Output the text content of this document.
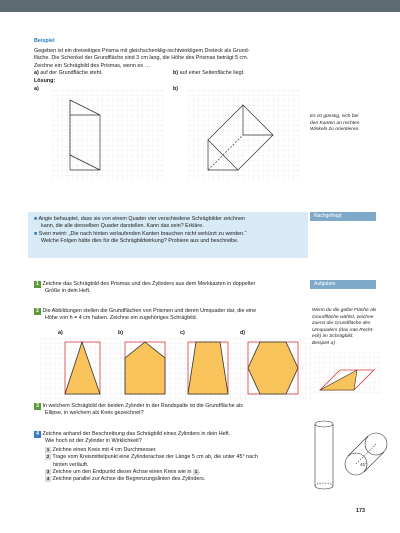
Beispiel
Gegeben ist ein dreiseitiges Prisma mit gleichschenklig-rechtwinkligem Dreieck als Grund-
fläche. Die Schenkel der Grundfläche sind 3 cm lang, die Höhe des Prismas beträgt 5 cm.
Zeichne ein Schrägbild des Prismas, wenn es …
a) auf der Grundfläche steht.	b) auf einer Seitenfläche liegt.
Lösung:
a)	b)
Es ist günstig, sich bei
den Kanten an rechten
Winkeln zu orientieren.
Nachgefragt
■ Angie behauptet, dass sie von einem Quader vier verschiedene Schrägbilder zeichnen
kann, die alle denselben Quader darstellen. Kann das sein? Erkläre.
■ Sven meint: „Die nach hinten verlaufenden Kanten brauchen nicht verkürzt zu werden.“
Welche Folgen hätte dies für die Schrägbildwirkung? Probiere aus und beschreibe.
Aufgaben
1 Zeichne das Schrägbild des Prismas und des Zylinders aus dem Merkkasten in doppelter
Größe in dein Heft.
2 Die Abbildungen stellen die Grundflächen von Prismen und deren Umquader dar, die eine
Höhe von h = 4 cm haben. Zeichne ein zugehöriges Schrägbild.
a)	b)	c)	d)
Wenn du die gelbe Fläche als
Grundfläche wählst, zeichne
zuerst die Grundfläche des
Umquaders (das rote Recht-
eck) im Schrägbild.
Beispiel a)
3 In welchem Schrägbild der beiden Zylinder in der Randspalte ist die Grundfläche als
Ellipse, in welchem als Kreis gezeichnet?
4 Zeichne anhand der Beschreibung das Schrägbild eines Zylinders in dein Heft.
Wie hoch ist der Zylinder in Wirklichkeit?
1 Zeichne einen Kreis mit 4 cm Durchmesser.
2 Trage vom Kreismittelpunkt eine Zylinderachse der Länge 5 cm ab, die unter 45° nach
hinten verläuft.
3 Zeichne um den Endpunkt dieser Achse einen Kreis wie in 1 .
4 Zeichne parallel zur Achse die Begrenzungslinien des Zylinders.
45°
173
